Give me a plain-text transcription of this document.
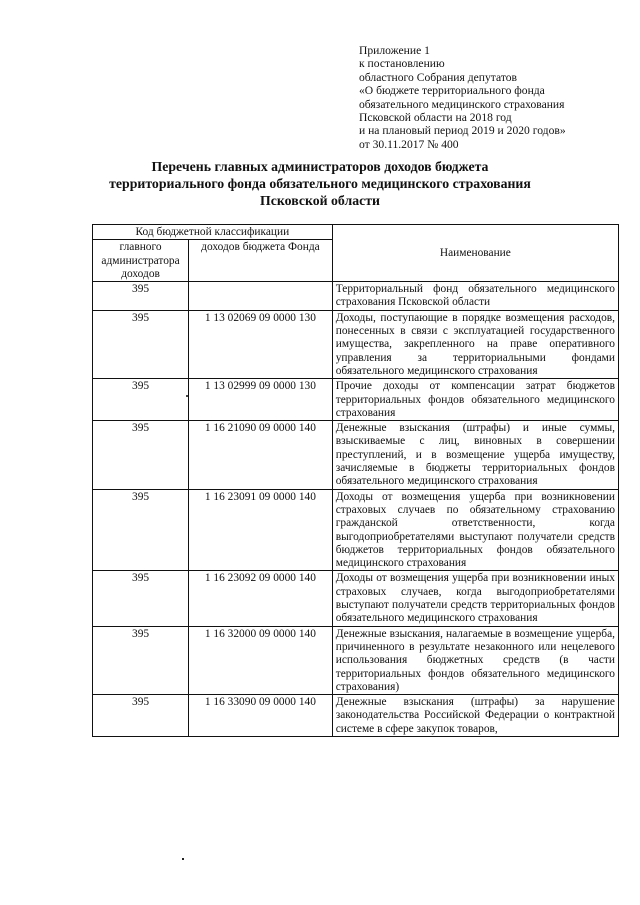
Приложение 1
к постановлению
областного Собрания депутатов
«О бюджете территориального фонда
обязательного медицинского страхования
Псковской области на 2018 год
и на плановый период 2019 и 2020 годов»
от 30.11.2017 № 400
Перечень главных администраторов доходов бюджета
территориального фонда обязательного медицинского страхования
Псковской области
Код бюджетной классификации		Наименование
главного администратора доходов	доходов бюджета Фонда	
395		Территориальный фонд обязательного медицинского страхования Псковской области
395	1 13 02069 09 0000 130	Доходы, поступающие в порядке возмещения расходов, понесенных в связи с эксплуатацией государственного имущества, закрепленного на праве оперативного управления за территориальными фондами обязательного медицинского страхования
395	1 13 02999 09 0000 130	Прочие доходы от компенсации затрат бюджетов территориальных фондов обязательного медицинского страхования
395	1 16 21090 09 0000 140	Денежные взыскания (штрафы) и иные суммы, взыскиваемые с лиц, виновных в совершении преступлений, и в возмещение ущерба имуществу, зачисляемые в бюджеты территориальных фондов обязательного медицинского страхования
395	1 16 23091 09 0000 140	Доходы от возмещения ущерба при возникновении страховых случаев по обязательному страхованию гражданской ответственности, когда выгодоприобретателями выступают получатели средств бюджетов территориальных фондов обязательного медицинского страхования
395	1 16 23092 09 0000 140	Доходы от возмещения ущерба при возникновении иных страховых случаев, когда выгодоприобретателями выступают получатели средств территориальных фондов обязательного медицинского страхования
395	1 16 32000 09 0000 140	Денежные взыскания, налагаемые в возмещение ущерба, причиненного в результате незаконного или нецелевого использования бюджетных средств (в части территориальных фондов обязательного медицинского страхования)
395	1 16 33090 09 0000 140	Денежные взыскания (штрафы) за нарушение законодательства Российской Федерации о контрактной системе в сфере закупок товаров,
